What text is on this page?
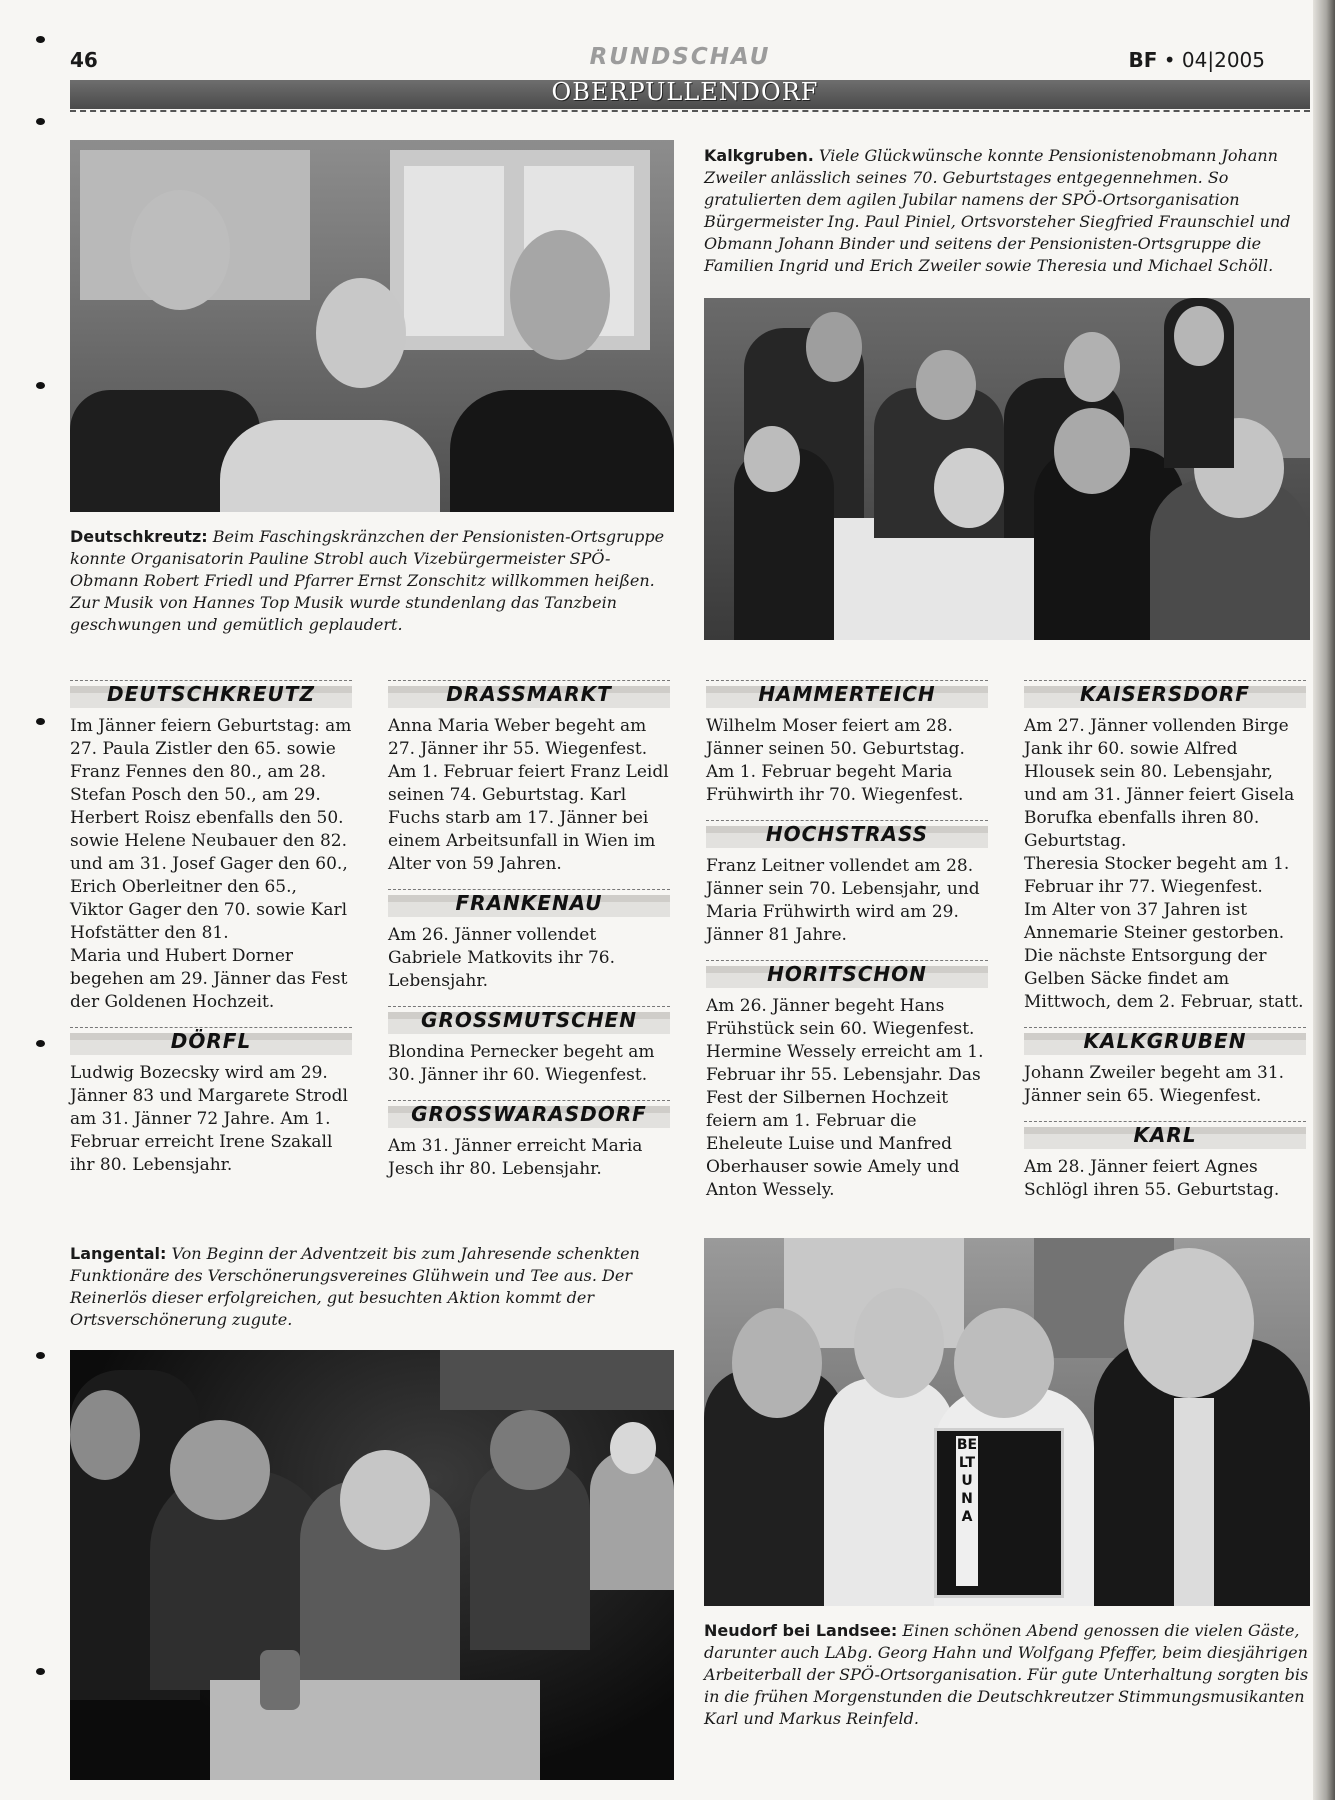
46	RUNDSCHAU	BF • 04|2005
OBERPULLENDORF
Deutschkreutz: Beim Faschingskränzchen der Pensionisten-Ortsgruppe konnte Organisatorin Pauline Strobl auch Vizebürgermeister SPÖ-Obmann Robert Friedl und Pfarrer Ernst Zonschitz willkommen heißen. Zur Musik von Hannes Top Musik wurde stundenlang das Tanzbein geschwungen und gemütlich geplaudert.
Kalkgruben. Viele Glückwünsche konnte Pensionistenobmann Johann Zweiler anlässlich seines 70. Geburtstages entgegennehmen. So gratulierten dem agilen Jubilar namens der SPÖ-Ortsorganisation Bürgermeister Ing. Paul Piniel, Ortsvorsteher Siegfried Fraunschiel und Obmann Johann Binder und seitens der Pensionisten-Ortsgruppe die Familien Ingrid und Erich Zweiler sowie Theresia und Michael Schöll.
DEUTSCHKREUTZ

Im Jänner feiern Geburtstag: am 27. Paula Zistler den 65. sowie Franz Fennes den 80., am 28. Stefan Posch den 50., am 29. Herbert Roisz ebenfalls den 50. sowie Helene Neubauer den 82. und am 31. Josef Gager den 60., Erich Oberleitner den 65., Viktor Gager den 70. sowie Karl Hofstätter den 81.

Maria und Hubert Dorner begehen am 29. Jänner das Fest der Goldenen Hochzeit.

DÖRFL

Ludwig Bozecsky wird am 29. Jänner 83 und Margarete Strodl am 31. Jänner 72 Jahre. Am 1. Februar erreicht Irene Szakall ihr 80. Lebensjahr.

DRASSMARKT

Anna Maria Weber begeht am 27. Jänner ihr 55. Wiegenfest. Am 1. Februar feiert Franz Leidl seinen 74. Geburtstag. Karl Fuchs starb am 17. Jänner bei einem Arbeitsunfall in Wien im Alter von 59 Jahren.

FRANKENAU

Am 26. Jänner vollendet Gabriele Matkovits ihr 76. Lebensjahr.

GROSSMUTSCHEN

Blondina Pernecker begeht am 30. Jänner ihr 60. Wiegenfest.

GROSSWARASDORF

Am 31. Jänner erreicht Maria Jesch ihr 80. Lebensjahr.

HAMMERTEICH

Wilhelm Moser feiert am 28. Jänner seinen 50. Geburtstag. Am 1. Februar begeht Maria Frühwirth ihr 70. Wiegenfest.

HOCHSTRASS

Franz Leitner vollendet am 28. Jänner sein 70. Lebensjahr, und Maria Frühwirth wird am 29. Jänner 81 Jahre.

HORITSCHON

Am 26. Jänner begeht Hans Frühstück sein 60. Wiegenfest. Hermine Wessely erreicht am 1. Februar ihr 55. Lebensjahr. Das Fest der Silbernen Hochzeit feiern am 1. Februar die Eheleute Luise und Manfred Oberhauser sowie Amely und Anton Wessely.

KAISERSDORF

Am 27. Jänner vollenden Birge Jank ihr 60. sowie Alfred Hlousek sein 80. Lebensjahr, und am 31. Jänner feiert Gisela Borufka ebenfalls ihren 80. Geburtstag.

Theresia Stocker begeht am 1. Februar ihr 77. Wiegenfest.

Im Alter von 37 Jahren ist Annemarie Steiner gestorben.

Die nächste Entsorgung der Gelben Säcke findet am Mittwoch, dem 2. Februar, statt.

KALKGRUBEN

Johann Zweiler begeht am 31. Jänner sein 65. Wiegenfest.

KARL

Am 28. Jänner feiert Agnes Schlögl ihren 55. Geburtstag.

Langental: Von Beginn der Adventzeit bis zum Jahresende schenkten Funktionäre des Verschönerungsvereines Glühwein und Tee aus. Der Reinerlös dieser erfolgreichen, gut besuchten Aktion kommt der Ortsverschönerung zugute.
BELTUNA
Neudorf bei Landsee: Einen schönen Abend genossen die vielen Gäste, darunter auch LAbg. Georg Hahn und Wolfgang Pfeffer, beim diesjährigen Arbeiterball der SPÖ-Ortsorganisation. Für gute Unterhaltung sorgten bis in die frühen Morgenstunden die Deutschkreutzer Stimmungsmusikanten Karl und Markus Reinfeld.
